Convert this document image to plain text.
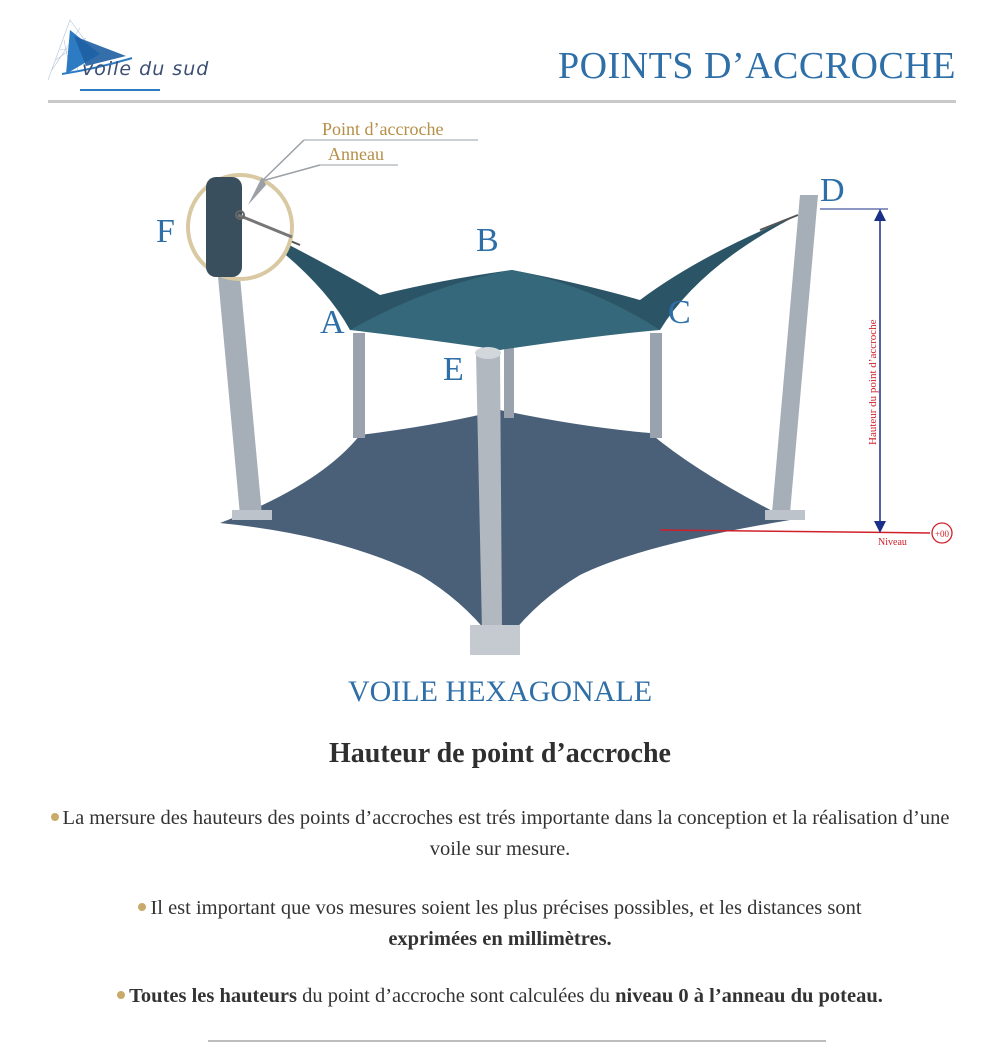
voile du sud	POINTS D’ACCROCHE
Point d’accroche
Anneau
A
B
C
D
E
F
Hauteur du point d’accroche
Niveau
+00
VOILE HEXAGONALE
Hauteur de point d’accroche
La mersure des hauteurs des points d’accroches est trés importante dans la conception et la réalisation d’une voile sur mesure.
Il est important que vos mesures soient les plus précises possibles, et les distances sont
exprimées en millimètres.
Toutes les hauteurs du point d’accroche sont calculées du niveau 0 à l’anneau du poteau.
